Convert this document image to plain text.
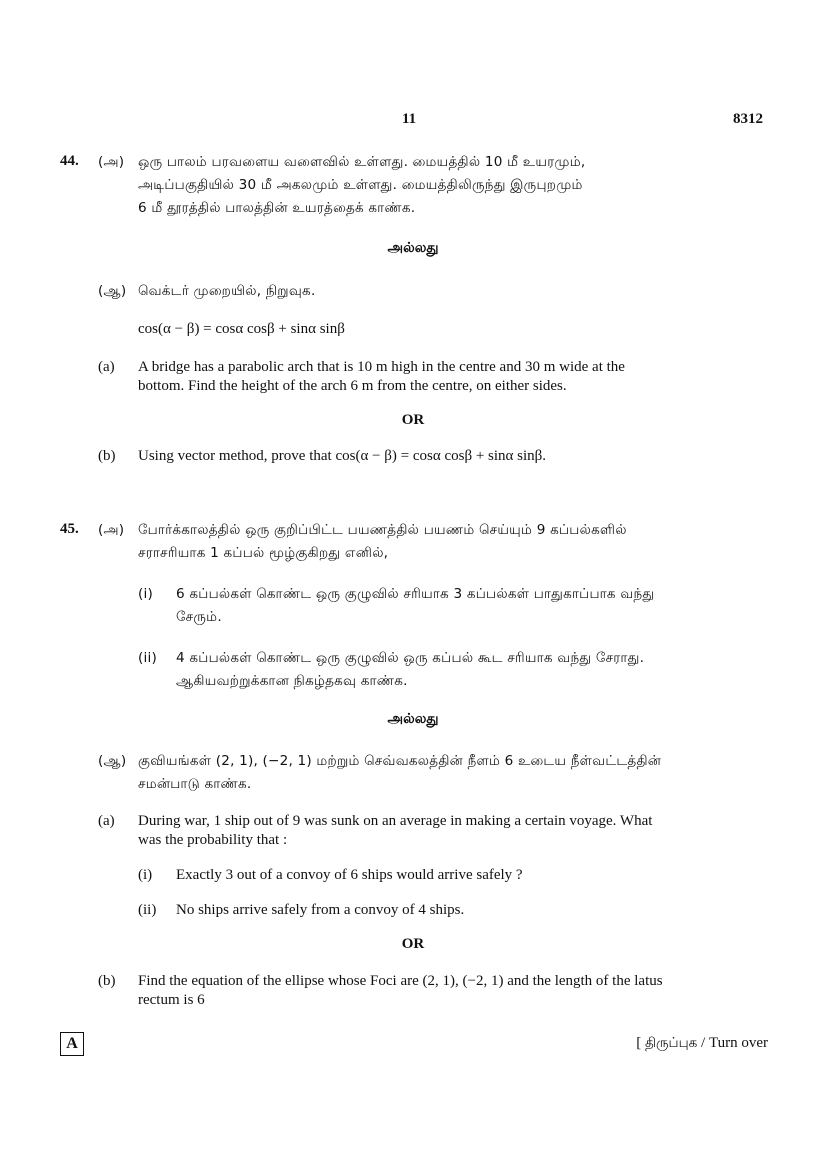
11	8312
44. (அ) ஒரு பாலம் பரவளைய வளைவில் உள்ளது. மையத்தில் 10 மீ உயரமும்,
அடிப்பகுதியில் 30 மீ அகலமும் உள்ளது. மையத்திலிருந்து இருபுறமும்
6 மீ தூரத்தில் பாலத்தின் உயரத்தைக் காண்க.
அல்லது
(ஆ) வெக்டர் முறையில், நிறுவுக.
cos(α − β) = cosα cosβ + sinα sinβ
(a) A bridge has a parabolic arch that is 10 m high in the centre and 30 m wide at the
bottom. Find the height of the arch 6 m from the centre, on either sides.
OR
(b) Using vector method, prove that cos(α − β) = cosα cosβ + sinα sinβ.
45. (அ) போர்க்காலத்தில் ஒரு குறிப்பிட்ட பயணத்தில் பயணம் செய்யும் 9 கப்பல்களில்
சராசரியாக 1 கப்பல் மூழ்குகிறது எனில்,
(i) 6 கப்பல்கள் கொண்ட ஒரு குழுவில் சரியாக 3 கப்பல்கள் பாதுகாப்பாக வந்து
சேரும்.
(ii) 4 கப்பல்கள் கொண்ட ஒரு குழுவில் ஒரு கப்பல் கூட சரியாக வந்து சேராது.
ஆகியவற்றுக்கான நிகழ்தகவு காண்க.
அல்லது
(ஆ) குவியங்கள் (2, 1), (−2, 1) மற்றும் செவ்வகலத்தின் நீளம் 6 உடைய நீள்வட்டத்தின்
சமன்பாடு காண்க.
(a) During war, 1 ship out of 9 was sunk on an average in making a certain voyage. What
was the probability that :
(i) Exactly 3 out of a convoy of 6 ships would arrive safely ?
(ii) No ships arrive safely from a convoy of 4 ships.
OR
(b) Find the equation of the ellipse whose Foci are (2, 1), (−2, 1) and the length of the latus
rectum is 6
A	[ திருப்புக / Turn over
